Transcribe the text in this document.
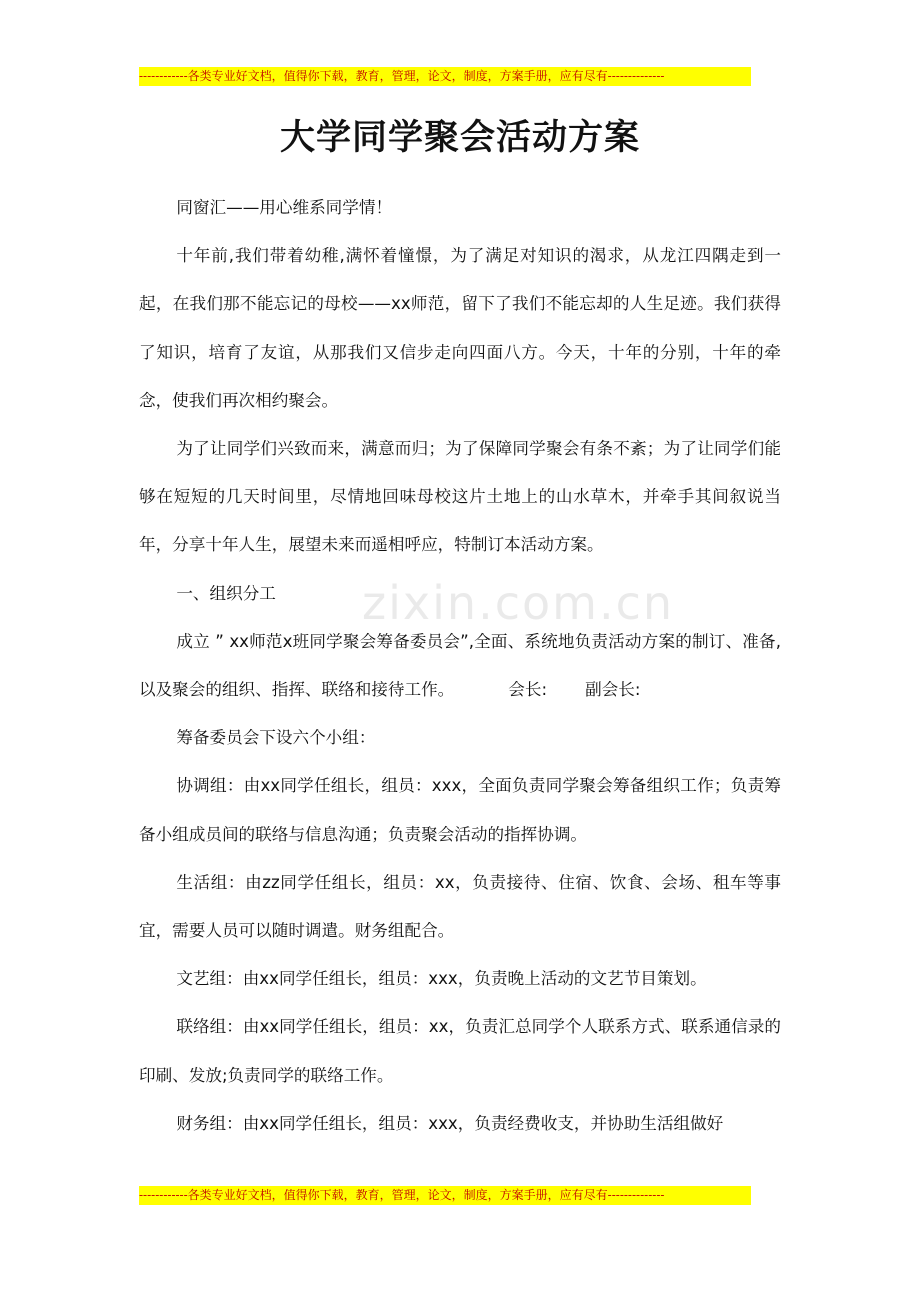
------------各类专业好文档，值得你下载，教育，管理，论文，制度，方案手册，应有尽有--------------
大学同学聚会活动方案
zixin.com.cn

同窗汇——用心维系同学情！

十年前,我们带着幼稚,满怀着憧憬，为了满足对知识的渴求，从龙江四隅走到一起，在我们那不能忘记的母校——xx师范，留下了我们不能忘却的人生足迹。我们获得了知识，培育了友谊，从那我们又信步走向四面八方。今天，十年的分别，十年的牵念，使我们再次相约聚会。

为了让同学们兴致而来，满意而归；为了保障同学聚会有条不紊；为了让同学们能够在短短的几天时间里，尽情地回味母校这片土地上的山水草木，并牵手其间叙说当年，分享十年人生，展望未来而遥相呼应，特制订本活动方案。

一、组织分工

成立 ” xx师范x班同学聚会筹备委员会”,全面、系统地负责活动方案的制订、准备,以及聚会的组织、指挥、联络和接待工作。	会长: 副会长:

筹备委员会下设六个小组：

协调组：由xx同学任组长，组员：xxx，全面负责同学聚会筹备组织工作；负责筹备小组成员间的联络与信息沟通；负责聚会活动的指挥协调。

生活组：由zz同学任组长，组员：xx，负责接待、住宿、饮食、会场、租车等事宜，需要人员可以随时调遣。财务组配合。

文艺组：由xx同学任组长，组员：xxx，负责晚上活动的文艺节目策划。

联络组：由xx同学任组长，组员：xx，负责汇总同学个人联系方式、联系通信录的印刷、发放;负责同学的联络工作。

财务组：由xx同学任组长，组员：xxx，负责经费收支，并协助生活组做好

------------各类专业好文档，值得你下载，教育，管理，论文，制度，方案手册，应有尽有--------------
